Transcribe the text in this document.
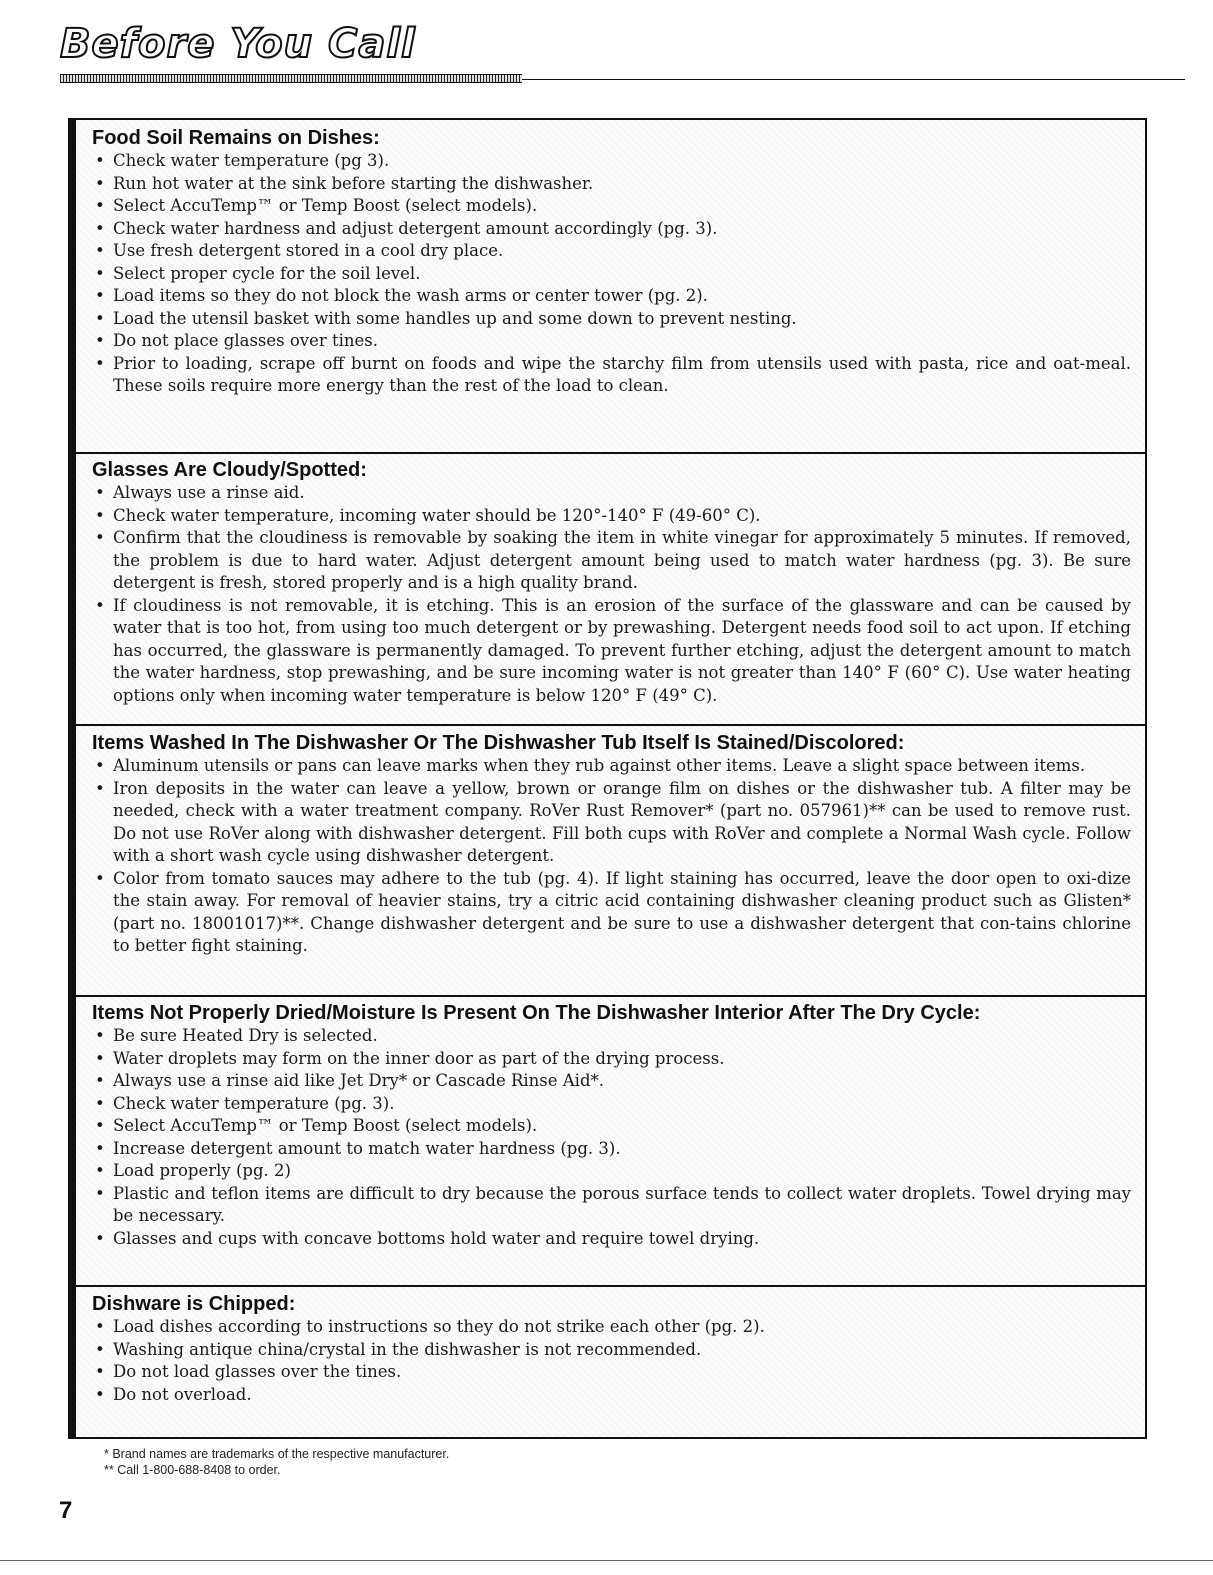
Before You Call
Food Soil Remains on Dishes:
• Check water temperature (pg 3).
• Run hot water at the sink before starting the dishwasher.
• Select AccuTemp™ or Temp Boost (select models).
• Check water hardness and adjust detergent amount accordingly (pg. 3).
• Use fresh detergent stored in a cool dry place.
• Select proper cycle for the soil level.
• Load items so they do not block the wash arms or center tower (pg. 2).
• Load the utensil basket with some handles up and some down to prevent nesting.
• Do not place glasses over tines.
• Prior to loading, scrape off burnt on foods and wipe the starchy film from utensils used with pasta, rice and oat-meal. These soils require more energy than the rest of the load to clean.
Glasses Are Cloudy/Spotted:
• Always use a rinse aid.
• Check water temperature, incoming water should be 120°-140° F (49-60° C).
• Confirm that the cloudiness is removable by soaking the item in white vinegar for approximately 5 minutes. If removed, the problem is due to hard water. Adjust detergent amount being used to match water hardness (pg. 3). Be sure detergent is fresh, stored properly and is a high quality brand.
• If cloudiness is not removable, it is etching. This is an erosion of the surface of the glassware and can be caused by water that is too hot, from using too much detergent or by prewashing. Detergent needs food soil to act upon. If etching has occurred, the glassware is permanently damaged. To prevent further etching, adjust the detergent amount to match the water hardness, stop prewashing, and be sure incoming water is not greater than 140° F (60° C). Use water heating options only when incoming water temperature is below 120° F (49° C).
Items Washed In The Dishwasher Or The Dishwasher Tub Itself Is Stained/Discolored:
• Aluminum utensils or pans can leave marks when they rub against other items. Leave a slight space between items.
• Iron deposits in the water can leave a yellow, brown or orange film on dishes or the dishwasher tub. A filter may be needed, check with a water treatment company. RoVer Rust Remover* (part no. 057961)** can be used to remove rust. Do not use RoVer along with dishwasher detergent. Fill both cups with RoVer and complete a Normal Wash cycle. Follow with a short wash cycle using dishwasher detergent.
• Color from tomato sauces may adhere to the tub (pg. 4). If light staining has occurred, leave the door open to oxi-dize the stain away. For removal of heavier stains, try a citric acid containing dishwasher cleaning product such as Glisten* (part no. 18001017)**. Change dishwasher detergent and be sure to use a dishwasher detergent that con-tains chlorine to better fight staining.
Items Not Properly Dried/Moisture Is Present On The Dishwasher Interior After The Dry Cycle:
• Be sure Heated Dry is selected.
• Water droplets may form on the inner door as part of the drying process.
• Always use a rinse aid like Jet Dry* or Cascade Rinse Aid*.
• Check water temperature (pg. 3).
• Select AccuTemp™ or Temp Boost (select models).
• Increase detergent amount to match water hardness (pg. 3).
• Load properly (pg. 2)
• Plastic and teflon items are difficult to dry because the porous surface tends to collect water droplets. Towel drying may be necessary.
• Glasses and cups with concave bottoms hold water and require towel drying.
Dishware is Chipped:
• Load dishes according to instructions so they do not strike each other (pg. 2).
• Washing antique china/crystal in the dishwasher is not recommended.
• Do not load glasses over the tines.
• Do not overload.
* Brand names are trademarks of the respective manufacturer.
** Call 1-800-688-8408 to order.
7
